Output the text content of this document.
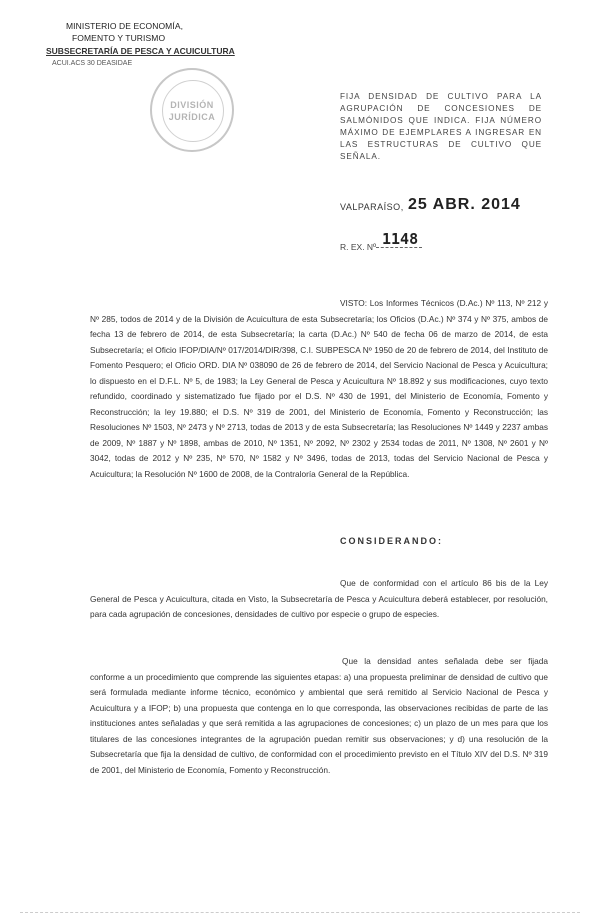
MINISTERIO DE ECONOMÍA,
FOMENTO Y TURISMO
SUBSECRETARÍA DE PESCA Y ACUICULTURA
ACUI.ACS 30 DEASIDAE
DIVISIÓN
JURÍDICA
FIJA DENSIDAD DE CULTIVO PARA LA AGRUPACIÓN DE CONCESIONES DE SALMÓNIDOS QUE INDICA. FIJA NÚMERO MÁXIMO DE EJEMPLARES A INGRESAR EN LAS ESTRUCTURAS DE CULTIVO QUE SEÑALA.
VALPARAÍSO, 25 ABR. 2014
R. EX. Nº 1148
VISTO: Los Informes Técnicos (D.Ac.) Nº 113, Nº 212 y Nº 285, todos de 2014 y de la División de Acuicultura de esta Subsecretaría; los Oficios (D.Ac.) Nº 374 y Nº 375, ambos de fecha 13 de febrero de 2014, de esta Subsecretaría; la carta (D.Ac.) Nº 540 de fecha 06 de marzo de 2014, de esta Subsecretaría; el Oficio IFOP/DIA/Nº 017/2014/DIR/398, C.I. SUBPESCA Nº 1950 de 20 de febrero de 2014, del Instituto de Fomento Pesquero; el Oficio ORD. DIA Nº 038090 de 26 de febrero de 2014, del Servicio Nacional de Pesca y Acuicultura; lo dispuesto en el D.F.L. Nº 5, de 1983; la Ley General de Pesca y Acuicultura Nº 18.892 y sus modificaciones, cuyo texto refundido, coordinado y sistematizado fue fijado por el D.S. Nº 430 de 1991, del Ministerio de Economía, Fomento y Reconstrucción; la ley 19.880; el D.S. Nº 319 de 2001, del Ministerio de Economía, Fomento y Reconstrucción; las Resoluciones Nº 1503, Nº 2473 y Nº 2713, todas de 2013 y de esta Subsecretaría; las Resoluciones Nº 1449 y 2237 ambas de 2009, Nº 1887 y Nº 1898, ambas de 2010, Nº 1351, Nº 2092, Nº 2302 y 2534 todas de 2011, Nº 1308, Nº 2601 y Nº 3042, todas de 2012 y Nº 235, Nº 570, Nº 1582 y Nº 3496, todas de 2013, todas del Servicio Nacional de Pesca y Acuicultura; la Resolución Nº 1600 de 2008, de la Contraloría General de la República.
CONSIDERANDO:
Que de conformidad con el artículo 86 bis de la Ley General de Pesca y Acuicultura, citada en Visto, la Subsecretaría de Pesca y Acuicultura deberá establecer, por resolución, para cada agrupación de concesiones, densidades de cultivo por especie o grupo de especies.
Que la densidad antes señalada debe ser fijada conforme a un procedimiento que comprende las siguientes etapas: a) una propuesta preliminar de densidad de cultivo que será formulada mediante informe técnico, económico y ambiental que será remitido al Servicio Nacional de Pesca y Acuicultura y a IFOP; b) una propuesta que contenga en lo que corresponda, las observaciones recibidas de parte de las instituciones antes señaladas y que será remitida a las agrupaciones de concesiones; c) un plazo de un mes para que los titulares de las concesiones integrantes de la agrupación puedan remitir sus observaciones; y d) una resolución de la Subsecretaría que fija la densidad de cultivo, de conformidad con el procedimiento previsto en el Título XIV del D.S. Nº 319 de 2001, del Ministerio de Economía, Fomento y Reconstrucción.
